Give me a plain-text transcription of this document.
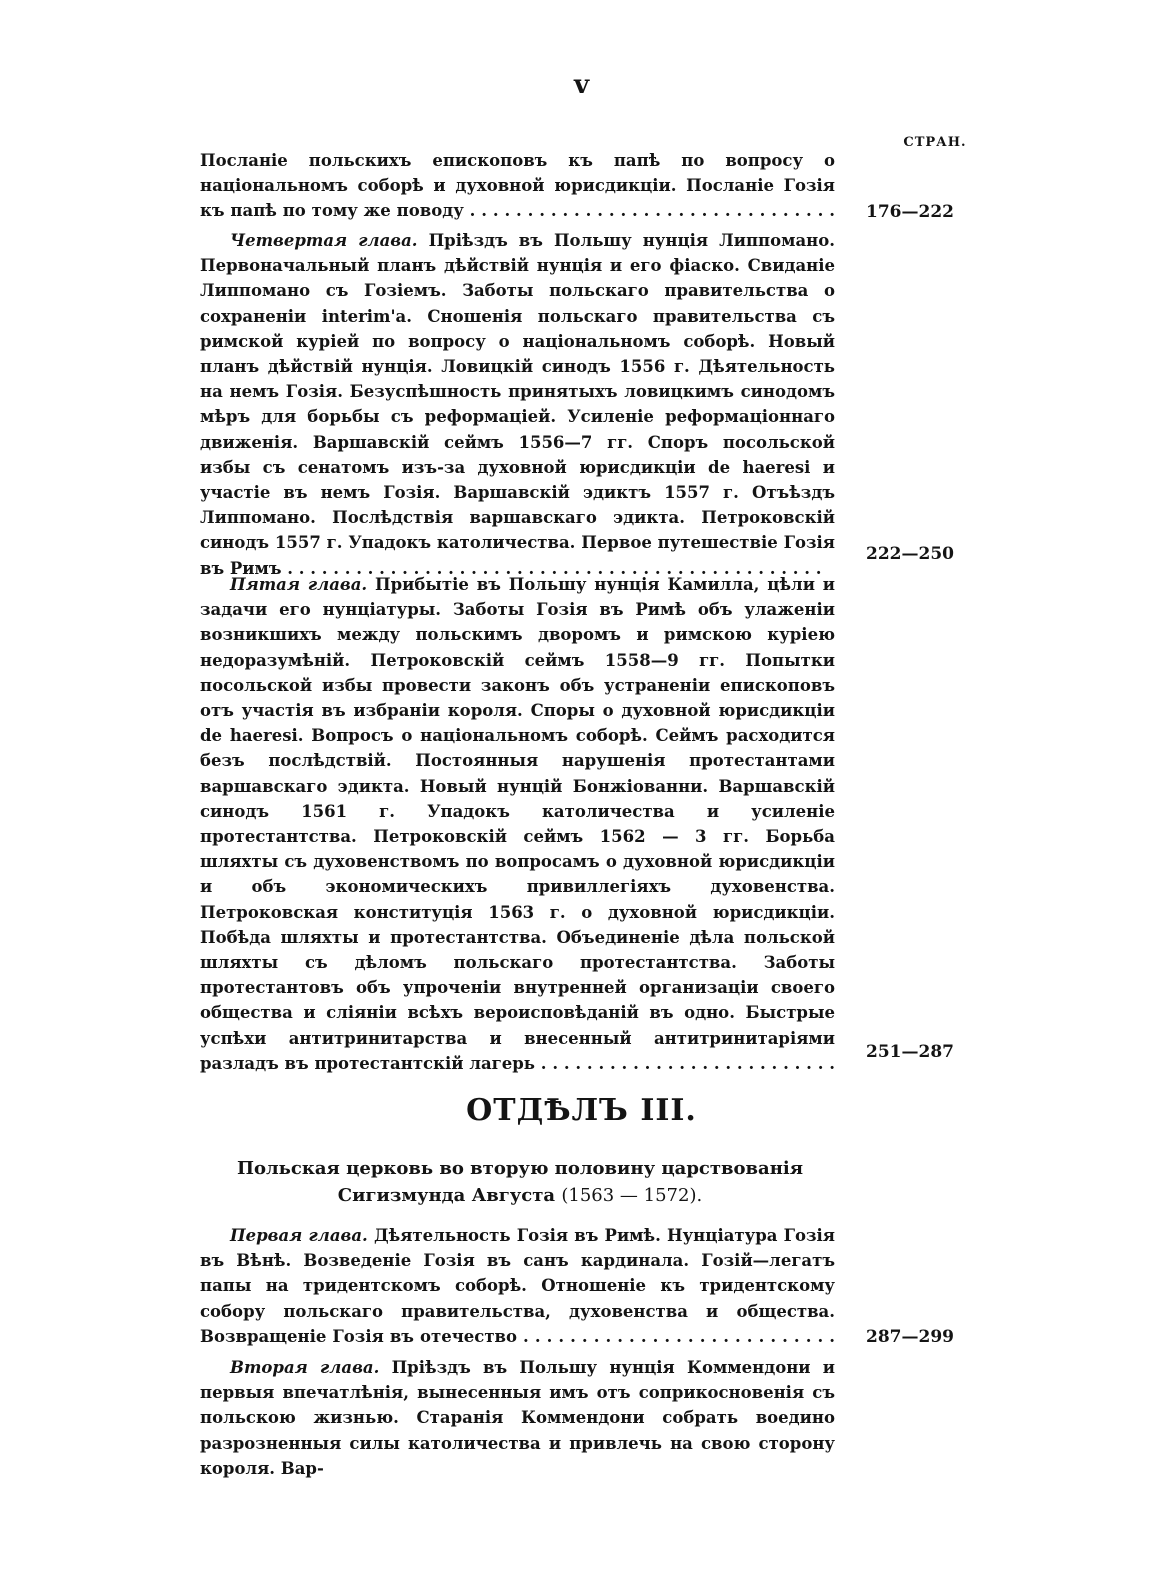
v
СТРАН.
Посланіе польскихъ епископовъ къ папѣ по вопросу о національномъ соборѣ и духовной юрисдикціи. Посланіе Гозія къ папѣ по тому же поводу . . .	176—222
Четвертая глава. Пріѣздъ въ Польшу нунція Липпомано. Первоначальный планъ дѣйствій нунція и его фіаско. Свиданіе Липпомано съ Гозіемъ. Заботы польскаго правительства о сохраненіи interim'a. Сношенія польскаго правительства съ римской куріей по вопросу о національномъ соборѣ. Новый планъ дѣйствій нунція. Ловицкій синодъ 1556 г. Дѣятельность на немъ Гозія. Безуспѣшность принятыхъ ловицкимъ синодомъ мѣръ для борьбы съ реформаціей. Усиленіе реформаціоннаго движенія. Варшавскій сеймъ 1556—7 гг. Споръ посольской избы съ сенатомъ изъ-за духовной юрисдикціи de haeresi и участіе въ немъ Гозія. Варшавскій эдиктъ 1557 г. Отъѣздъ Липпомано. Послѣдствія варшавскаго эдикта. Петроковскій синодъ 1557 г. Упадокъ католичества. Первое путешествіе Гозія въ Римъ . . .
222—250
Пятая глава. Прибытіе въ Польшу нунція Камилла, цѣли и задачи его нунціатуры. Заботы Гозія въ Римѣ объ улаженіи возникшихъ между польскимъ дворомъ и римскою куріею недоразумѣній. Петроковскій сеймъ 1558—9 гг. Попытки посольской избы провести законъ объ устраненіи епископовъ отъ участія въ избраніи короля. Споры о духовной юрисдикціи de haeresi. Вопросъ о національномъ соборѣ. Сеймъ расходится безъ послѣдствій. Постоянныя нарушенія протестантами варшавскаго эдикта. Новый нунцій Бонжіованни. Варшавскій синодъ 1561 г. Упадокъ католичества и усиленіе протестантства. Петроковскій сеймъ 1562 — 3 гг. Борьба шляхты съ духовенствомъ по вопросамъ о духовной юрисдикціи и объ экономическихъ привиллегіяхъ духовенства. Петроковская конституція 1563 г. о духовной юрисдикціи. Побѣда шляхты и протестантства. Объединеніе дѣла польской шляхты съ дѣломъ польскаго протестантства. Заботы протестантовъ объ упроченіи внутренней организаціи своего общества и сліяніи всѣхъ вероисповѣданій въ одно. Быстрые успѣхи антитринитарства и внесенный антитринитаріями разладъ въ протестантскій лагерь . . .
251—287
ОТДѢЛЪ III.
Польская церковь во вторую половину царствованія
Сигизмунда Августа (1563 — 1572).
Первая глава. Дѣятельность Гозія въ Римѣ. Нунціатура Гозія въ Вѣнѣ. Возведеніе Гозія въ санъ кардинала. Гозій—легатъ папы на тридентскомъ соборѣ. Отношеніе къ тридентскому собору польскаго правительства, духовенства и общества. Возвращеніе Гозія въ отечество . . .	287—299
Вторая глава. Пріѣздъ въ Польшу нунція Коммендони и первыя впечатлѣнія, вынесенныя имъ отъ соприкосновенія съ польскою жизнью. Старанія Коммендони собрать воедино разрозненныя силы католичества и привлечь на свою сторону короля. Вар-
